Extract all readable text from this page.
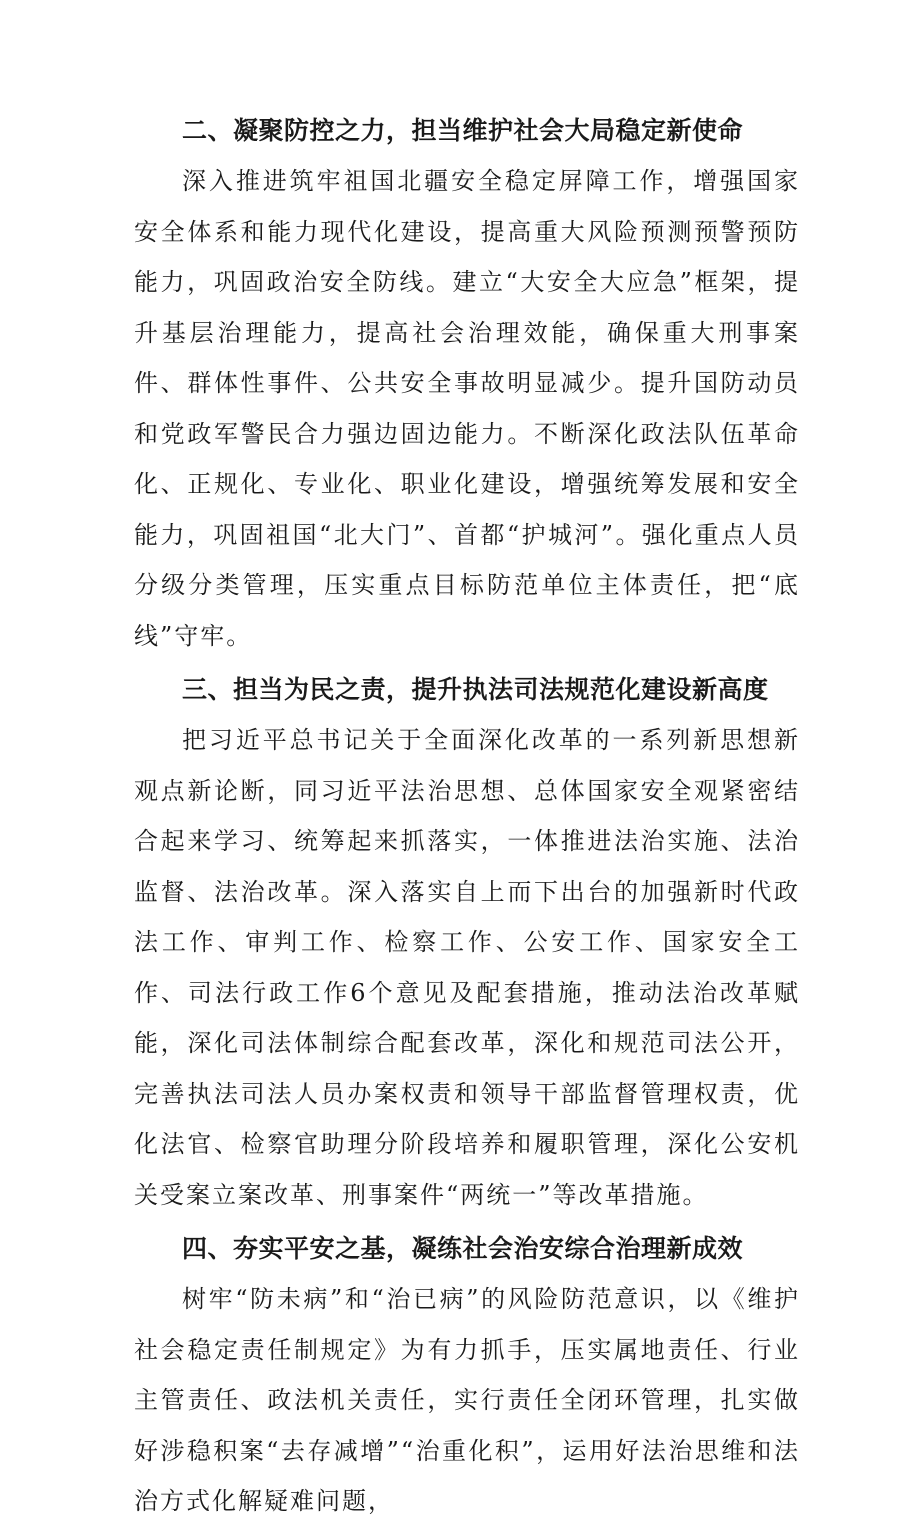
二、凝聚防控之力，担当维护社会大局稳定新使命

深入推进筑牢祖国北疆安全稳定屏障工作，增强国家安全体系和能力现代化建设，提高重大风险预测预警预防能力，巩固政治安全防线。建立“大安全大应急”框架，提升基层治理能力，提高社会治理效能，确保重大刑事案件、群体性事件、公共安全事故明显减少。提升国防动员和党政军警民合力强边固边能力。不断深化政法队伍革命化、正规化、专业化、职业化建设，增强统筹发展和安全能力，巩固祖国“北大门”、首都“护城河”。强化重点人员分级分类管理，压实重点目标防范单位主体责任，把“底线”守牢。

三、担当为民之责，提升执法司法规范化建设新高度

把习近平总书记关于全面深化改革的一系列新思想新观点新论断，同习近平法治思想、总体国家安全观紧密结合起来学习、统筹起来抓落实，一体推进法治实施、法治监督、法治改革。深入落实自上而下出台的加强新时代政法工作、审判工作、检察工作、公安工作、国家安全工作、司法行政工作6个意见及配套措施，推动法治改革赋能，深化司法体制综合配套改革，深化和规范司法公开，完善执法司法人员办案权责和领导干部监督管理权责，优化法官、检察官助理分阶段培养和履职管理，深化公安机关受案立案改革、刑事案件“两统一”等改革措施。

四、夯实平安之基，凝练社会治安综合治理新成效

树牢“防未病”和“治已病”的风险防范意识，以《维护社会稳定责任制规定》为有力抓手，压实属地责任、行业主管责任、政法机关责任，实行责任全闭环管理，扎实做好涉稳积案“去存减增”“治重化积”，运用好法治思维和法治方式化解疑难问题，
